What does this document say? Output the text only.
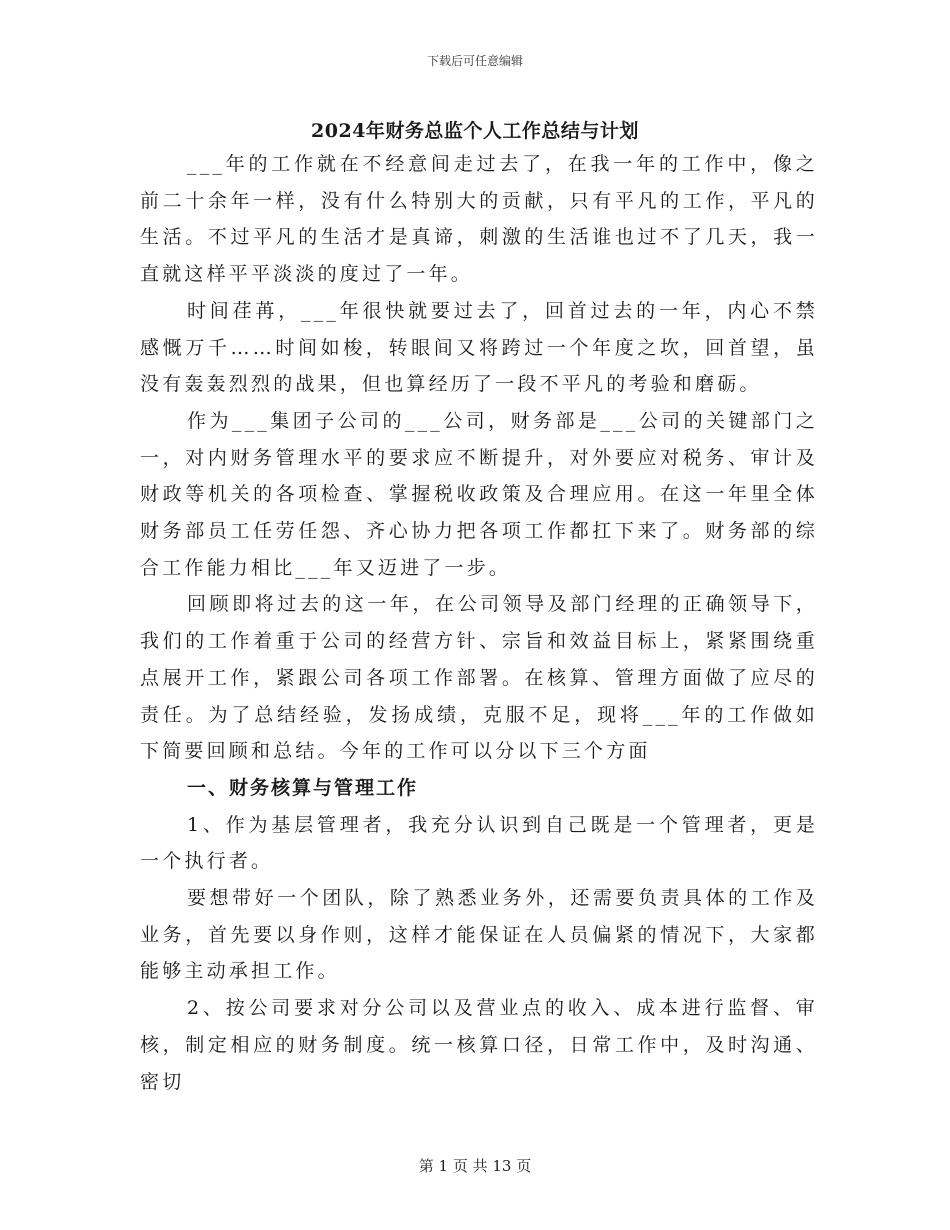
下载后可任意编辑
2024年财务总监个人工作总结与计划

___年的工作就在不经意间走过去了，在我一年的工作中，像之前二十余年一样，没有什么特别大的贡献，只有平凡的工作，平凡的生活。不过平凡的生活才是真谛，刺激的生活谁也过不了几天，我一直就这样平平淡淡的度过了一年。

时间荏苒，___年很快就要过去了，回首过去的一年，内心不禁感慨万千……时间如梭，转眼间又将跨过一个年度之坎，回首望，虽没有轰轰烈烈的战果，但也算经历了一段不平凡的考验和磨砺。

作为___集团子公司的___公司，财务部是___公司的关键部门之一，对内财务管理水平的要求应不断提升，对外要应对税务、审计及财政等机关的各项检查、掌握税收政策及合理应用。在这一年里全体财务部员工任劳任怨、齐心协力把各项工作都扛下来了。财务部的综合工作能力相比___年又迈进了一步。

回顾即将过去的这一年，在公司领导及部门经理的正确领导下，我们的工作着重于公司的经营方针、宗旨和效益目标上，紧紧围绕重点展开工作，紧跟公司各项工作部署。在核算、管理方面做了应尽的责任。为了总结经验，发扬成绩，克服不足，现将___年的工作做如下简要回顾和总结。今年的工作可以分以下三个方面

一、财务核算与管理工作

1、作为基层管理者，我充分认识到自己既是一个管理者，更是一个执行者。

要想带好一个团队，除了熟悉业务外，还需要负责具体的工作及业务，首先要以身作则，这样才能保证在人员偏紧的情况下，大家都能够主动承担工作。

2、按公司要求对分公司以及营业点的收入、成本进行监督、审核，制定相应的财务制度。统一核算口径，日常工作中，及时沟通、密切

第 1 页 共 13 页
